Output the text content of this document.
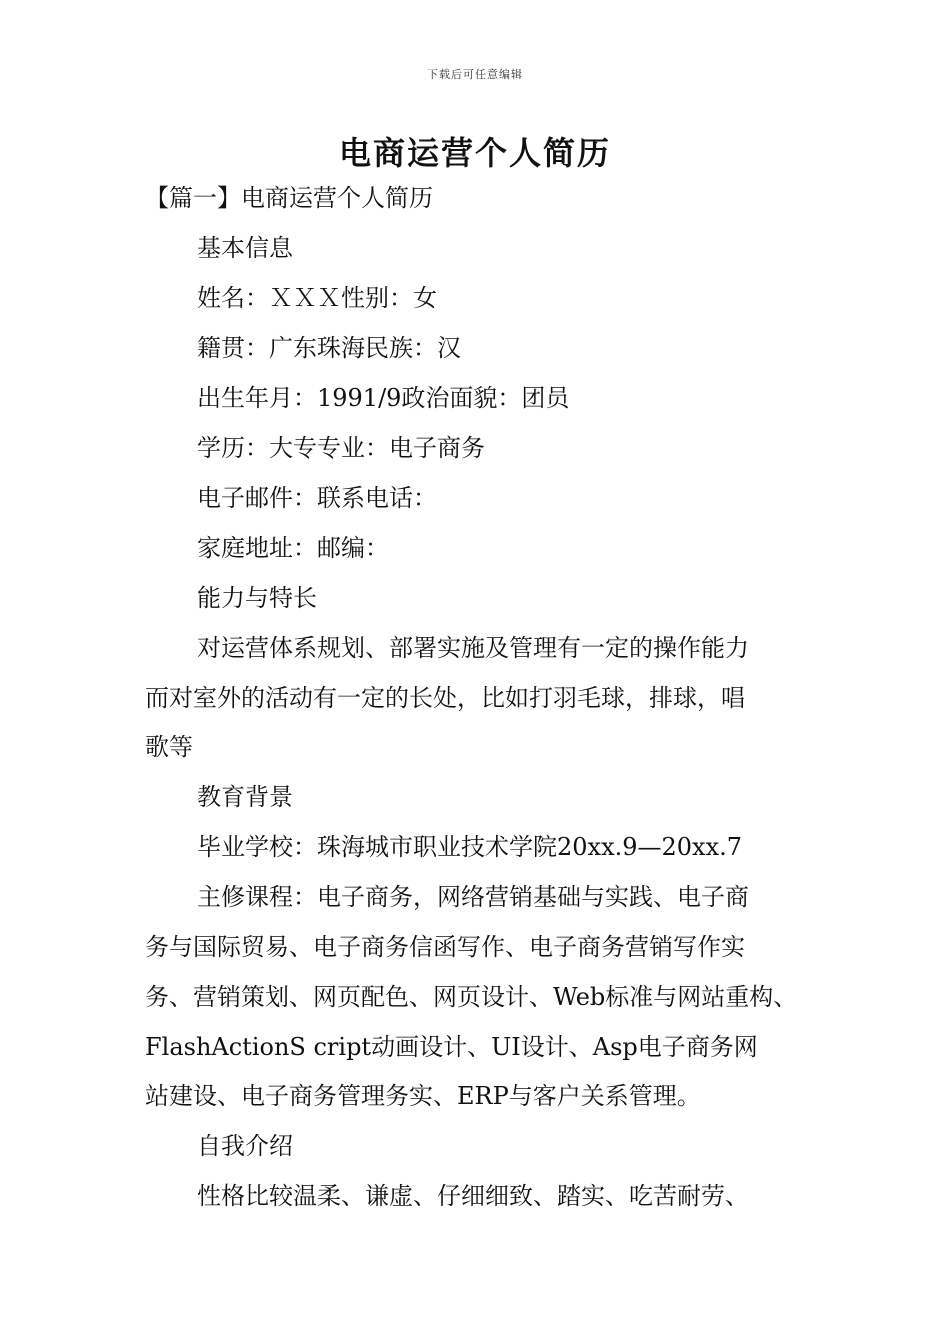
下载后可任意编辑
电商运营个人简历
【篇一】电商运营个人简历
基本信息
姓名：ＸＸＸ性别：女
籍贯：广东珠海民族：汉
出生年月：1991/9政治面貌：团员
学历：大专专业：电子商务
电子邮件：联系电话：
家庭地址：邮编：
能力与特长
对运营体系规划、部署实施及管理有一定的操作能力
而对室外的活动有一定的长处，比如打羽毛球，排球，唱
歌等
教育背景
毕业学校：珠海城市职业技术学院20xx.9—20xx.7
主修课程：电子商务，网络营销基础与实践、电子商
务与国际贸易、电子商务信函写作、电子商务营销写作实
务、营销策划、网页配色、网页设计、Web标准与网站重构、
FlashActionS cript动画设计、UI设计、Asp电子商务网
站建设、电子商务管理务实、ERP与客户关系管理。
自我介绍
性格比较温柔、谦虚、仔细细致、踏实、吃苦耐劳、
